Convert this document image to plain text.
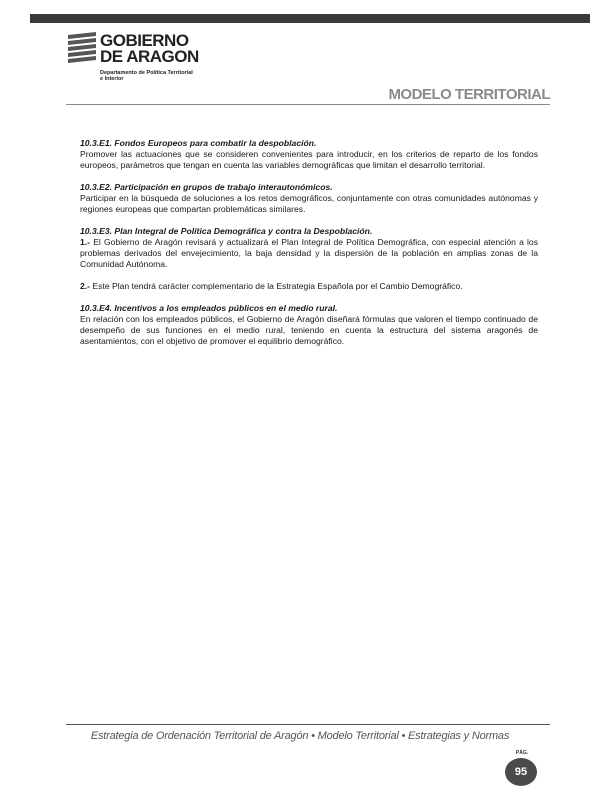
GOBIERNO
DE ARAGON
Departamento de Política Territorial
e Interior
MODELO TERRITORIAL

10.3.E1. Fondos Europeos para combatir la despoblación.
Promover las actuaciones que se consideren convenientes para introducir, en los criterios de reparto de los fondos europeos, parámetros que tengan en cuenta las variables demográficas que limitan el desarrollo territorial.

10.3.E2. Participación en grupos de trabajo interautonómicos.
Participar en la búsqueda de soluciones a los retos demográficos, conjuntamente con otras comunidades autónomas y regiones europeas que compartan problemáticas similares.

10.3.E3. Plan Integral de Política Demográfica y contra la Despoblación.
1.- El Gobierno de Aragón revisará y actualizará el Plan Integral de Política Demográfica, con especial atención a los problemas derivados del envejecimiento, la baja densidad y la dispersión de la población en amplias zonas de la Comunidad Autónoma.

2.- Este Plan tendrá carácter complementario de la Estrategia Española por el Cambio Demográfico.

10.3.E4. Incentivos a los empleados públicos en el medio rural.
En relación con los empleados públicos, el Gobierno de Aragón diseñará fórmulas que valoren el tiempo continuado de desempeño de sus funciones en el medio rural, teniendo en cuenta la estructura del sistema aragonés de asentamientos, con el objetivo de promover el equilibrio demográfico.

Estrategia de Ordenación Territorial de Aragón • Modelo Territorial • Estrategias y Normas
PÁG.
95
